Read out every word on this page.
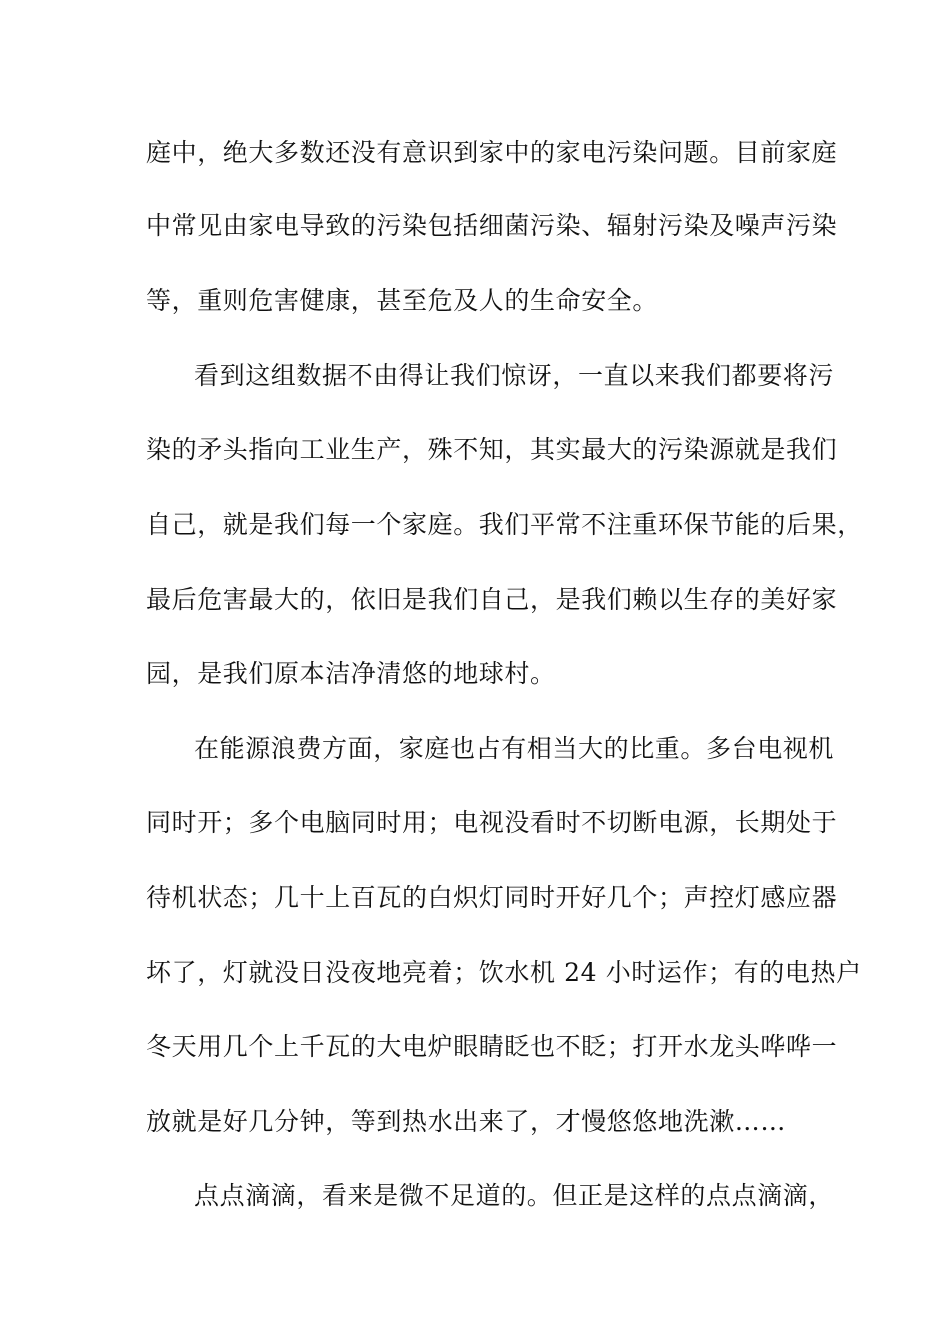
庭中，绝大多数还没有意识到家中的家电污染问题。目前家庭
中常见由家电导致的污染包括细菌污染、辐射污染及噪声污染
等，重则危害健康，甚至危及人的生命安全。
看到这组数据不由得让我们惊讶，一直以来我们都要将污
染的矛头指向工业生产，殊不知，其实最大的污染源就是我们
自己，就是我们每一个家庭。我们平常不注重环保节能的后果，
最后危害最大的，依旧是我们自己，是我们赖以生存的美好家
园，是我们原本洁净清悠的地球村。
在能源浪费方面，家庭也占有相当大的比重。多台电视机
同时开；多个电脑同时用；电视没看时不切断电源，长期处于
待机状态；几十上百瓦的白炽灯同时开好几个；声控灯感应器
坏了，灯就没日没夜地亮着；饮水机 24 小时运作；有的电热户
冬天用几个上千瓦的大电炉眼睛眨也不眨；打开水龙头哗哗一
放就是好几分钟，等到热水出来了，才慢悠悠地洗漱……
点点滴滴，看来是微不足道的。但正是这样的点点滴滴，
